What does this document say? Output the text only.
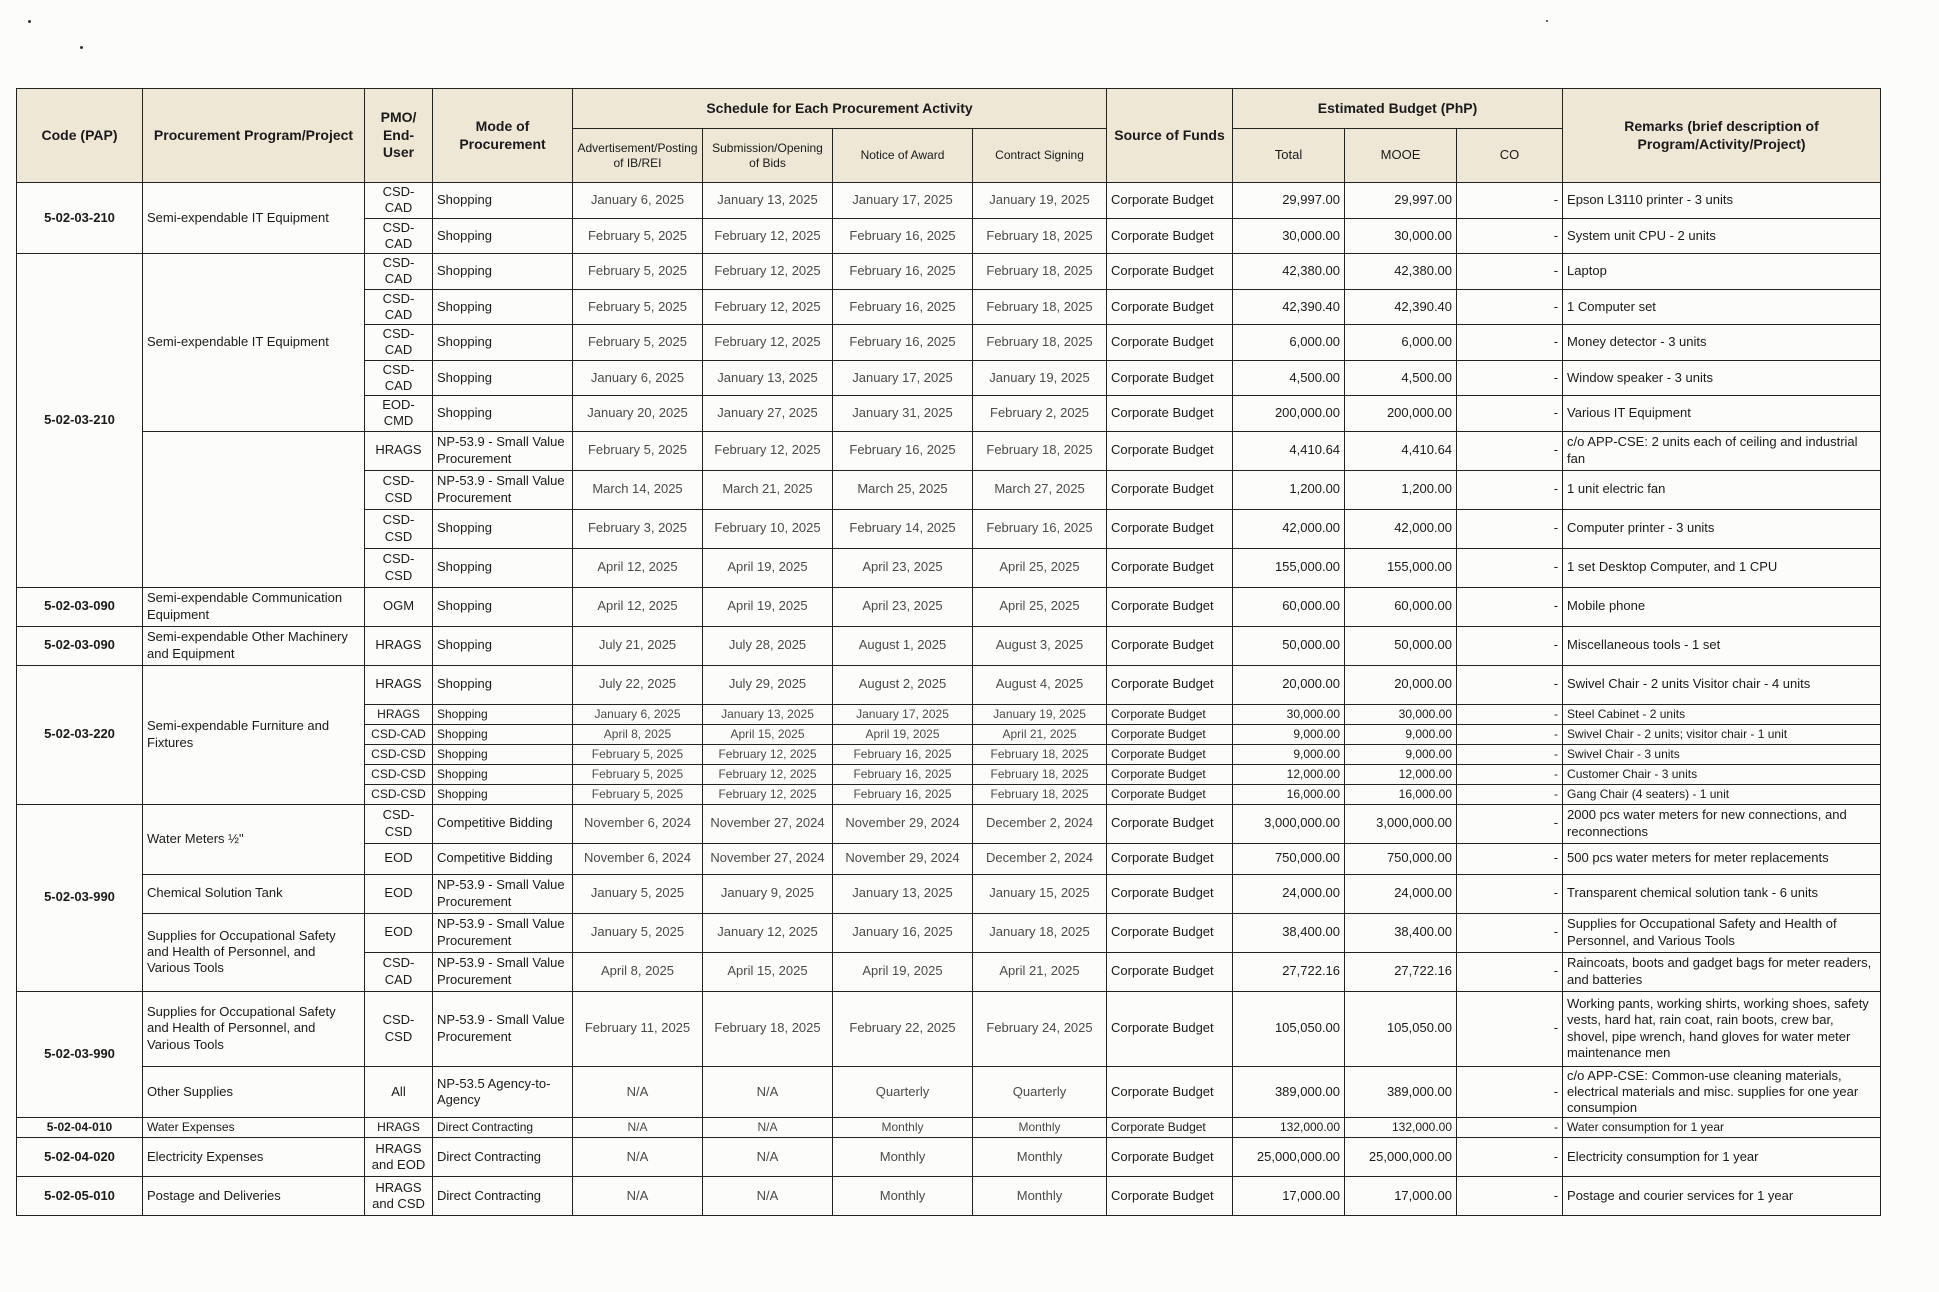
Code (PAP)	Procurement Program/Project	PMO/ End-User	Mode of Procurement	Schedule for Each Procurement Activity				Source of Funds	Estimated Budget (PhP)			Remarks (brief description of Program/Activity/Project)
				Advertisement/Posting of IB/REI	Submission/Opening of Bids	Notice of Award	Contract Signing		Total	MOOE	CO	
5-02-03-210	Semi-expendable IT Equipment	CSD-CAD	Shopping	January 6, 2025	January 13, 2025	January 17, 2025	January 19, 2025	Corporate Budget	29,997.00	29,997.00	-	Epson L3110 printer - 3 units
		CSD-CAD	Shopping	February 5, 2025	February 12, 2025	February 16, 2025	February 18, 2025	Corporate Budget	30,000.00	30,000.00	-	System unit CPU - 2 units
5-02-03-210	Semi-expendable IT Equipment	CSD-CAD	Shopping	February 5, 2025	February 12, 2025	February 16, 2025	February 18, 2025	Corporate Budget	42,380.00	42,380.00	-	Laptop
		CSD-CAD	Shopping	February 5, 2025	February 12, 2025	February 16, 2025	February 18, 2025	Corporate Budget	42,390.40	42,390.40	-	1 Computer set
		CSD-CAD	Shopping	February 5, 2025	February 12, 2025	February 16, 2025	February 18, 2025	Corporate Budget	6,000.00	6,000.00	-	Money detector - 3 units
		CSD-CAD	Shopping	January 6, 2025	January 13, 2025	January 17, 2025	January 19, 2025	Corporate Budget	4,500.00	4,500.00	-	Window speaker - 3 units
		EOD-CMD	Shopping	January 20, 2025	January 27, 2025	January 31, 2025	February 2, 2025	Corporate Budget	200,000.00	200,000.00	-	Various IT Equipment
		HRAGS	NP-53.9 - Small Value Procurement	February 5, 2025	February 12, 2025	February 16, 2025	February 18, 2025	Corporate Budget	4,410.64	4,410.64	-	c/o APP-CSE: 2 units each of ceiling and industrial fan
		CSD-CSD	NP-53.9 - Small Value Procurement	March 14, 2025	March 21, 2025	March 25, 2025	March 27, 2025	Corporate Budget	1,200.00	1,200.00	-	1 unit electric fan
		CSD-CSD	Shopping	February 3, 2025	February 10, 2025	February 14, 2025	February 16, 2025	Corporate Budget	42,000.00	42,000.00	-	Computer printer - 3 units
		CSD-CSD	Shopping	April 12, 2025	April 19, 2025	April 23, 2025	April 25, 2025	Corporate Budget	155,000.00	155,000.00	-	1 set Desktop Computer, and 1 CPU
5-02-03-090	Semi-expendable Communication Equipment	OGM	Shopping	April 12, 2025	April 19, 2025	April 23, 2025	April 25, 2025	Corporate Budget	60,000.00	60,000.00	-	Mobile phone
5-02-03-090	Semi-expendable Other Machinery and Equipment	HRAGS	Shopping	July 21, 2025	July 28, 2025	August 1, 2025	August 3, 2025	Corporate Budget	50,000.00	50,000.00	-	Miscellaneous tools - 1 set
5-02-03-220	Semi-expendable Furniture and Fixtures	HRAGS	Shopping	July 22, 2025	July 29, 2025	August 2, 2025	August 4, 2025	Corporate Budget	20,000.00	20,000.00	-	Swivel Chair - 2 units Visitor chair - 4 units
		HRAGS	Shopping	January 6, 2025	January 13, 2025	January 17, 2025	January 19, 2025	Corporate Budget	30,000.00	30,000.00	-	Steel Cabinet - 2 units
		CSD-CAD	Shopping	April 8, 2025	April 15, 2025	April 19, 2025	April 21, 2025	Corporate Budget	9,000.00	9,000.00	-	Swivel Chair - 2 units; visitor chair - 1 unit
		CSD-CSD	Shopping	February 5, 2025	February 12, 2025	February 16, 2025	February 18, 2025	Corporate Budget	9,000.00	9,000.00	-	Swivel Chair - 3 units
		CSD-CSD	Shopping	February 5, 2025	February 12, 2025	February 16, 2025	February 18, 2025	Corporate Budget	12,000.00	12,000.00	-	Customer Chair - 3 units
		CSD-CSD	Shopping	February 5, 2025	February 12, 2025	February 16, 2025	February 18, 2025	Corporate Budget	16,000.00	16,000.00	-	Gang Chair (4 seaters) - 1 unit
5-02-03-990	Water Meters ½"	CSD-CSD	Competitive Bidding	November 6, 2024	November 27, 2024	November 29, 2024	December 2, 2024	Corporate Budget	3,000,000.00	3,000,000.00	-	2000 pcs water meters for new connections, and reconnections
		EOD	Competitive Bidding	November 6, 2024	November 27, 2024	November 29, 2024	December 2, 2024	Corporate Budget	750,000.00	750,000.00	-	500 pcs water meters for meter replacements
	Chemical Solution Tank	EOD	NP-53.9 - Small Value Procurement	January 5, 2025	January 9, 2025	January 13, 2025	January 15, 2025	Corporate Budget	24,000.00	24,000.00	-	Transparent chemical solution tank - 6 units
	Supplies for Occupational Safety and Health of Personnel, and Various Tools	EOD	NP-53.9 - Small Value Procurement	January 5, 2025	January 12, 2025	January 16, 2025	January 18, 2025	Corporate Budget	38,400.00	38,400.00	-	Supplies for Occupational Safety and Health of Personnel, and Various Tools
		CSD-CAD	NP-53.9 - Small Value Procurement	April 8, 2025	April 15, 2025	April 19, 2025	April 21, 2025	Corporate Budget	27,722.16	27,722.16	-	Raincoats, boots and gadget bags for meter readers, and batteries
5-02-03-990	Supplies for Occupational Safety and Health of Personnel, and Various Tools	CSD-CSD	NP-53.9 - Small Value Procurement	February 11, 2025	February 18, 2025	February 22, 2025	February 24, 2025	Corporate Budget	105,050.00	105,050.00	-	Working pants, working shirts, working shoes, safety vests, hard hat, rain coat, rain boots, crew bar, shovel, pipe wrench, hand gloves for water meter maintenance men
	Other Supplies	All	NP-53.5 Agency-to-Agency	N/A	N/A	Quarterly	Quarterly	Corporate Budget	389,000.00	389,000.00	-	c/o APP-CSE: Common-use cleaning materials, electrical materials and misc. supplies for one year consumpion
5-02-04-010	Water Expenses	HRAGS	Direct Contracting	N/A	N/A	Monthly	Monthly	Corporate Budget	132,000.00	132,000.00	-	Water consumption for 1 year
5-02-04-020	Electricity Expenses	HRAGS and EOD	Direct Contracting	N/A	N/A	Monthly	Monthly	Corporate Budget	25,000,000.00	25,000,000.00	-	Electricity consumption for 1 year
5-02-05-010	Postage and Deliveries	HRAGS and CSD	Direct Contracting	N/A	N/A	Monthly	Monthly	Corporate Budget	17,000.00	17,000.00	-	Postage and courier services for 1 year
